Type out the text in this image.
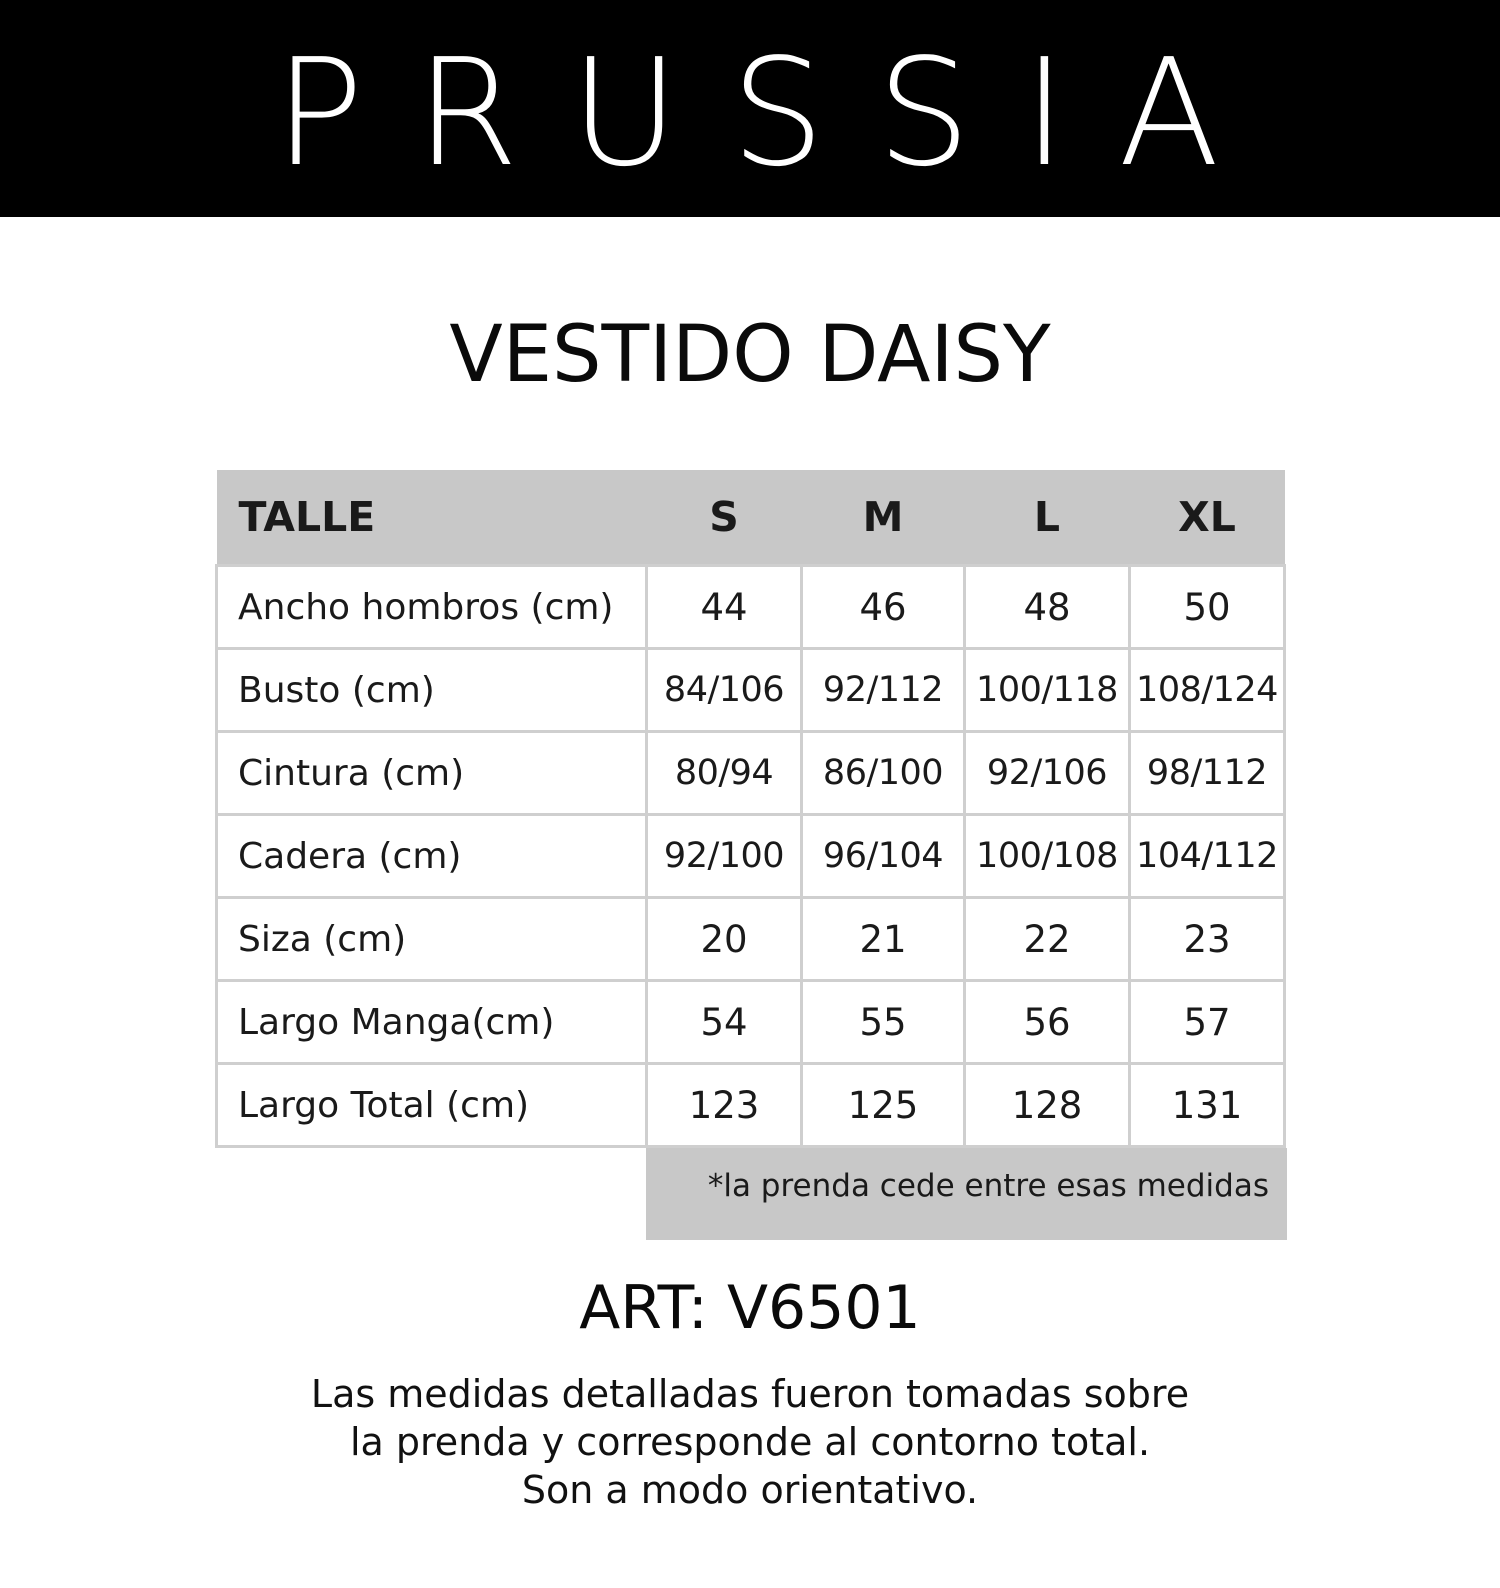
PRUSSIA
VESTIDO DAISY
TALLE	S	M	L	XL
Ancho hombros (cm)	44	46	48	50
Busto (cm)	84/106	92/112	100/118	108/124
Cintura (cm)	80/94	86/100	92/106	98/112
Cadera (cm)	92/100	96/104	100/108	104/112
Siza (cm)	20	21	22	23
Largo Manga(cm)	54	55	56	57
Largo Total (cm)	123	125	128	131
*la prenda cede entre esas medidas
ART: V6501
Las medidas detalladas fueron tomadas sobre
la prenda y corresponde al contorno total.
Son a modo orientativo.
